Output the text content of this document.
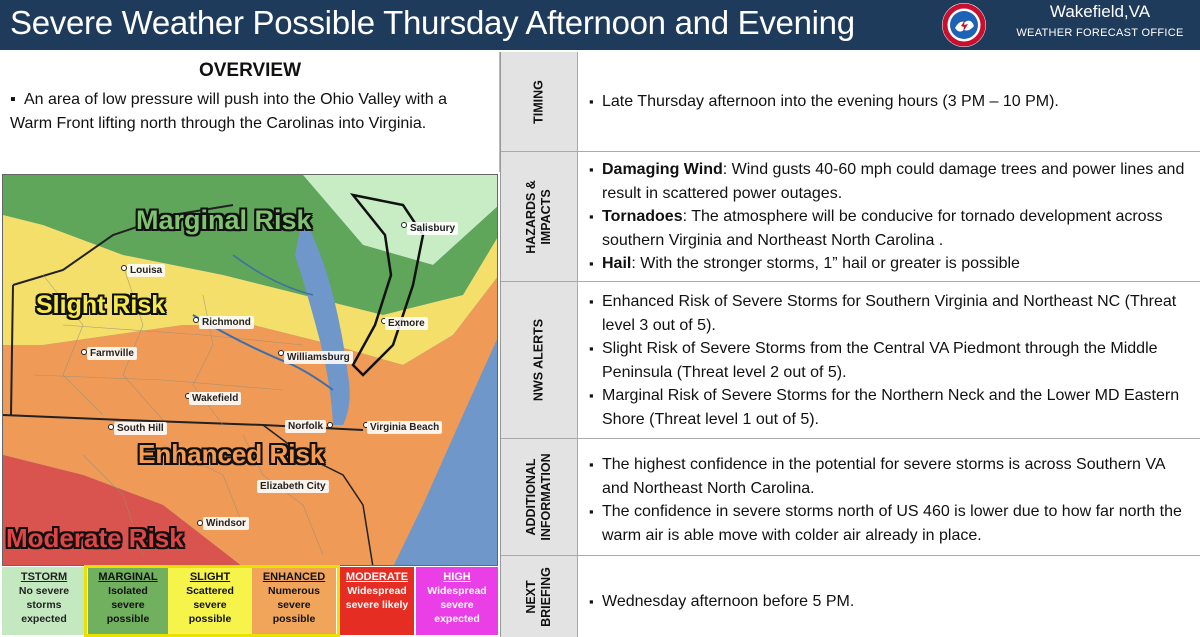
Severe Weather Possible Thursday Afternoon and Evening	Wakefield,VA
WEATHER FORECAST OFFICE
OVERVIEW
▪ An area of low pressure will push into the Ohio Valley with a Warm Front lifting north through the Carolinas into Virginia.
Marginal Risk
Slight Risk
Enhanced Risk
Moderate Risk
Salisbury
Louisa
Richmond	Exmore
Farmville	Williamsburg
Wakefield
South Hill	Norfolk	Virginia Beach
Elizabeth City
Windsor
TSTORM
No severe
storms
expected
MARGINAL
Isolated
severe
possible
SLIGHT
Scattered
severe
possible
ENHANCED
Numerous
severe
possible
MODERATE
Widespread
severe likely
HIGH
Widespread
severe
expected
TIMING	▪ Late Thursday afternoon into the evening hours (3 PM – 10 PM).
HAZARDS & IMPACTS
▪ Damaging Wind: Wind gusts 40-60 mph could damage trees and power lines and result in scattered power outages.
▪ Tornadoes: The atmosphere will be conducive for tornado development across southern Virginia and Northeast North Carolina .
▪ Hail: With the stronger storms, 1” hail or greater is possible
NWS ALERTS
▪ Enhanced Risk of Severe Storms for Southern Virginia and Northeast NC (Threat level 3 out of 5).
▪ Slight Risk of Severe Storms from the Central VA Piedmont through the Middle Peninsula (Threat level 2 out of 5).
▪ Marginal Risk of Severe Storms for the Northern Neck and the Lower MD Eastern Shore (Threat level 1 out of 5).
ADDITIONAL INFORMATION	▪ The highest confidence in the potential for severe storms is across Southern VA and Northeast North Carolina.
▪ The confidence in severe storms north of US 460 is lower due to how far north the warm air is able move with colder air already in place.
NEXT BRIEFING	▪ Wednesday afternoon before 5 PM.
